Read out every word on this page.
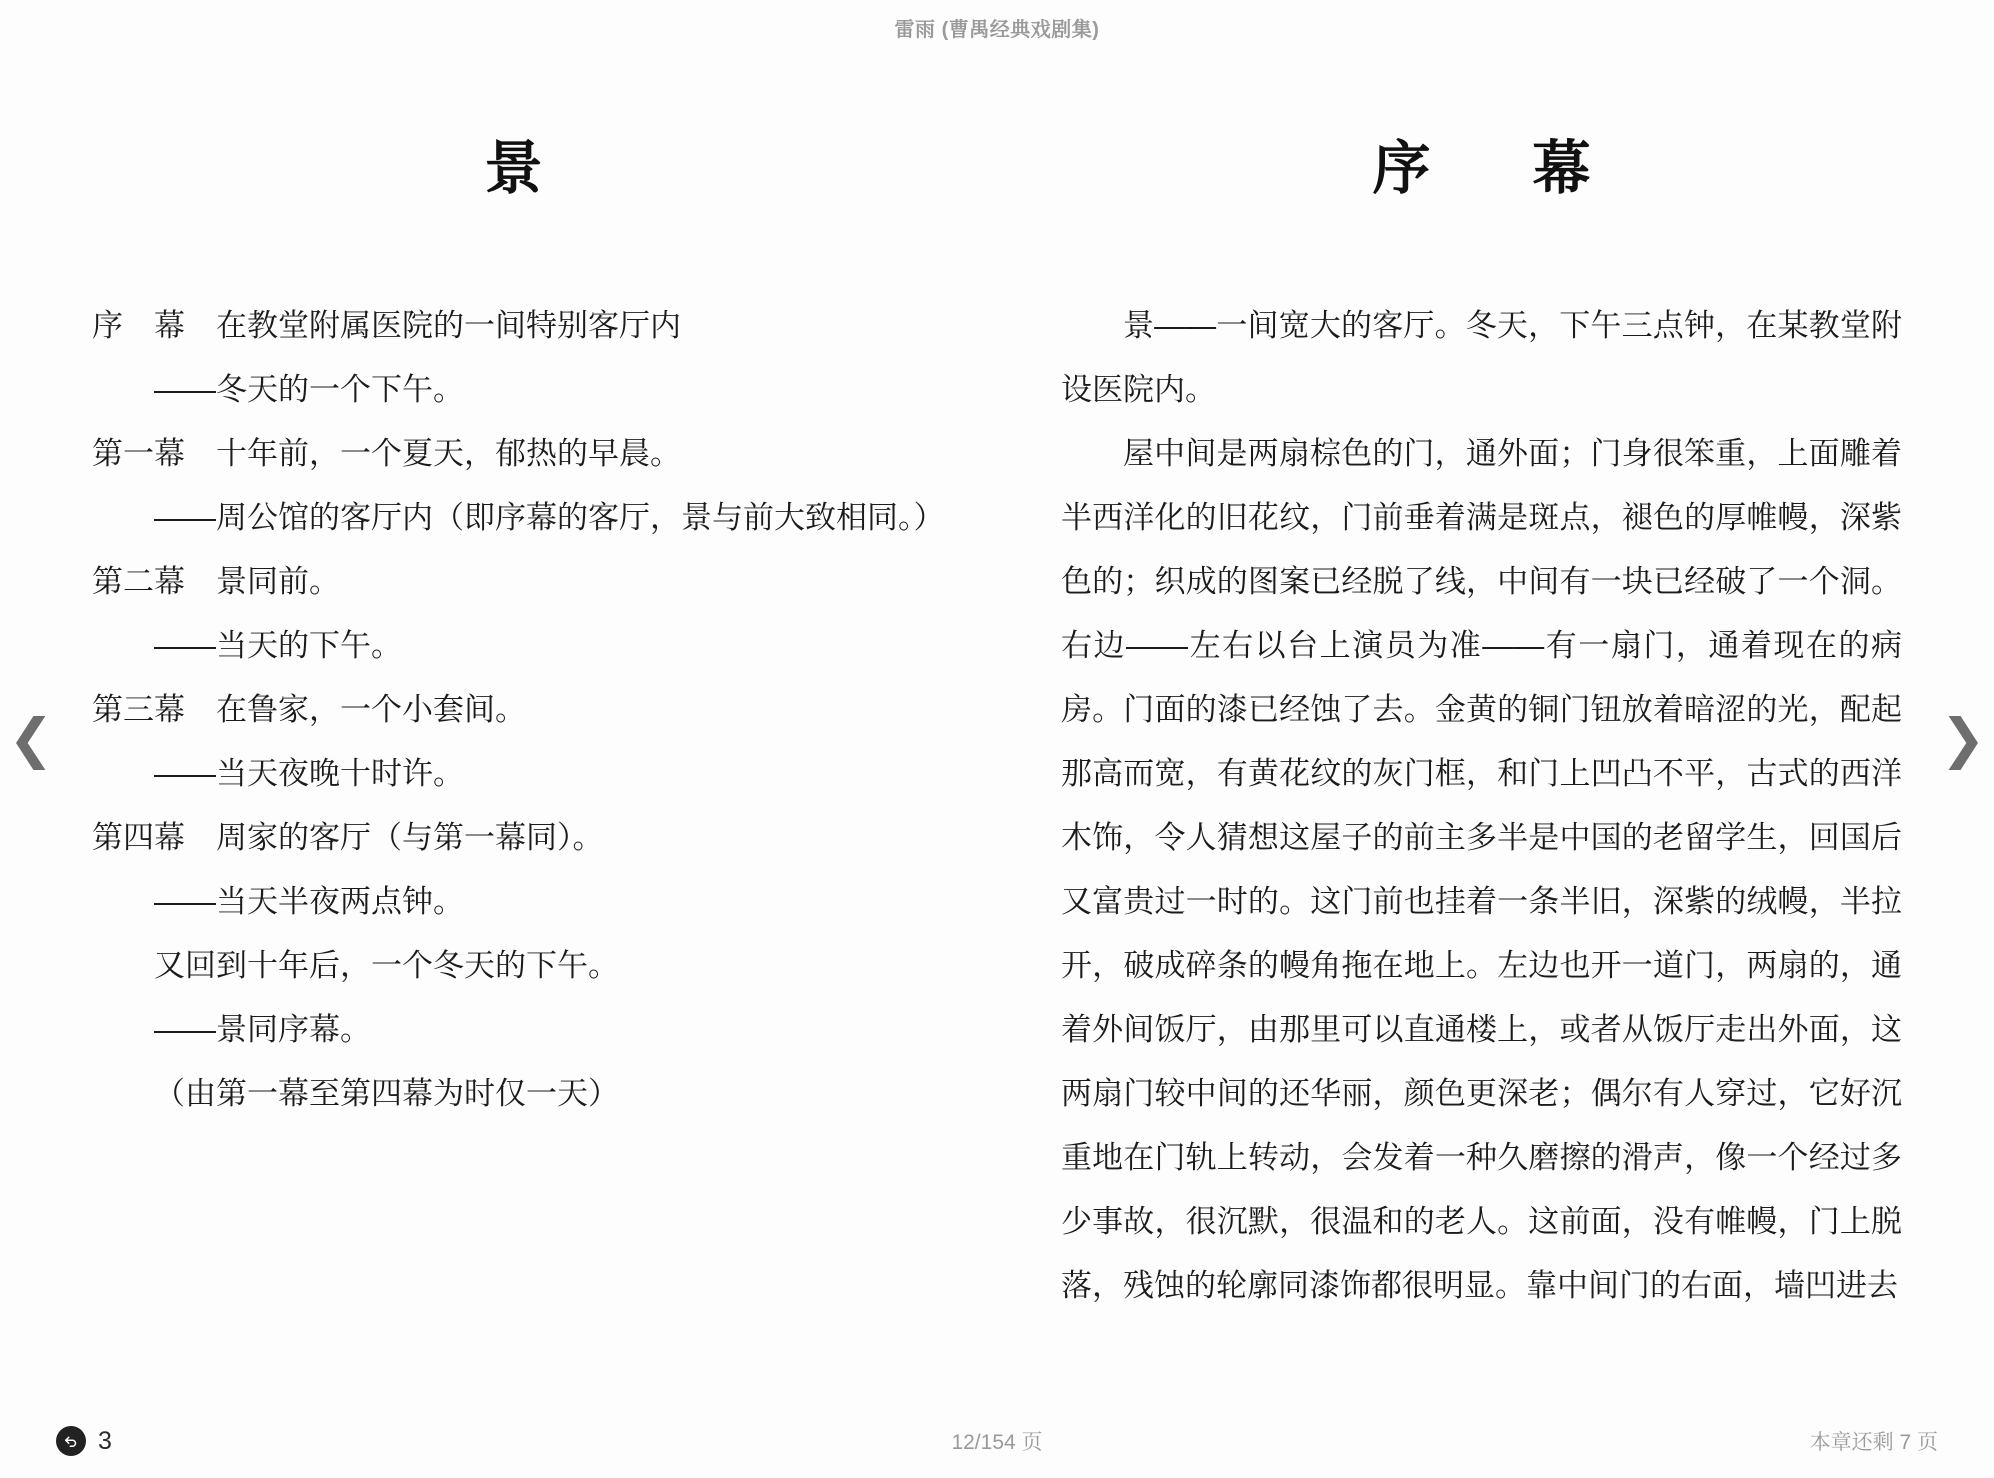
雷雨 (曹禺经典戏剧集)
❮	❯
景

序　幕　在教堂附属医院的一间特别客厅内

——冬天的一个下午。

第一幕　十年前，一个夏天，郁热的早晨。

——周公馆的客厅内（即序幕的客厅，景与前大致相同。）

第二幕　景同前。

——当天的下午。

第三幕　在鲁家，一个小套间。

——当天夜晚十时许。

第四幕　周家的客厅（与第一幕同）。

——当天半夜两点钟。

又回到十年后，一个冬天的下午。

——景同序幕。

（由第一幕至第四幕为时仅一天）

序　幕

景——一间宽大的客厅。冬天，下午三点钟，在某教堂附设医院内。

屋中间是两扇棕色的门，通外面；门身很笨重，上面雕着半西洋化的旧花纹，门前垂着满是斑点，褪色的厚帷幔，深紫色的；织成的图案已经脱了线，中间有一块已经破了一个洞。右边——左右以台上演员为准——有一扇门，通着现在的病房。门面的漆已经蚀了去。金黄的铜门钮放着暗涩的光，配起那高而宽，有黄花纹的灰门框，和门上凹凸不平，古式的西洋木饰，令人猜想这屋子的前主多半是中国的老留学生，回国后又富贵过一时的。这门前也挂着一条半旧，深紫的绒幔，半拉开，破成碎条的幔角拖在地上。左边也开一道门，两扇的，通着外间饭厅，由那里可以直通楼上，或者从饭厅走出外面，这两扇门较中间的还华丽，颜色更深老；偶尔有人穿过，它好沉重地在门轨上转动，会发着一种久磨擦的滑声，像一个经过多少事故，很沉默，很温和的老人。这前面，没有帷幔，门上脱落，残蚀的轮廓同漆饰都很明显。靠中间门的右面，墙凹进去

3	12/154 页	本章还剩 7 页
